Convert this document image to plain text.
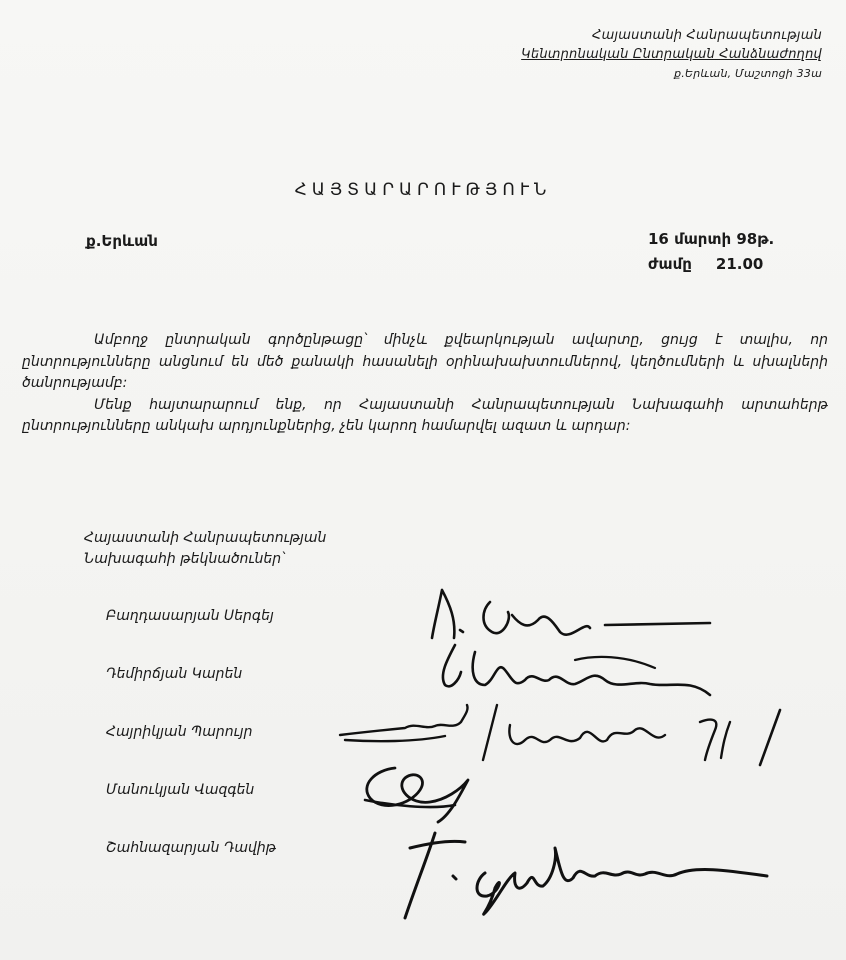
Հայաստանի Հանրապետության
Կենտրոնական Ընտրական Հանձնաժողով
ք.Երևան, Մաշտոցի 33ա
ՀԱՅՏԱՐԱՐՈՒԹՅՈՒՆ
ք.Երևան	16 մարտի 98թ.
ժամը 21.00

Ամբողջ ընտրական գործընթացը՝ մինչև քվեարկության ավարտը, ցույց է տալիս, որ ընտրությունները անցնում են մեծ քանակի հասանելի օրինախախտումներով, կեղծումների և սխալների ծանրությամբ:

Մենք հայտարարում ենք, որ Հայաստանի Հանրապետության Նախագահի արտահերթ ընտրությունները անկախ արդյունքներից, չեն կարող համարվել ազատ և արդար:

Հայաստանի Հանրապետության
Նախագահի թեկնածուներ՝
Բաղդասարյան Սերգեյ
Դեմիրճյան Կարեն
Հայրիկյան Պարույր
Մանուկյան Վազգեն
Շահնազարյան Դավիթ
